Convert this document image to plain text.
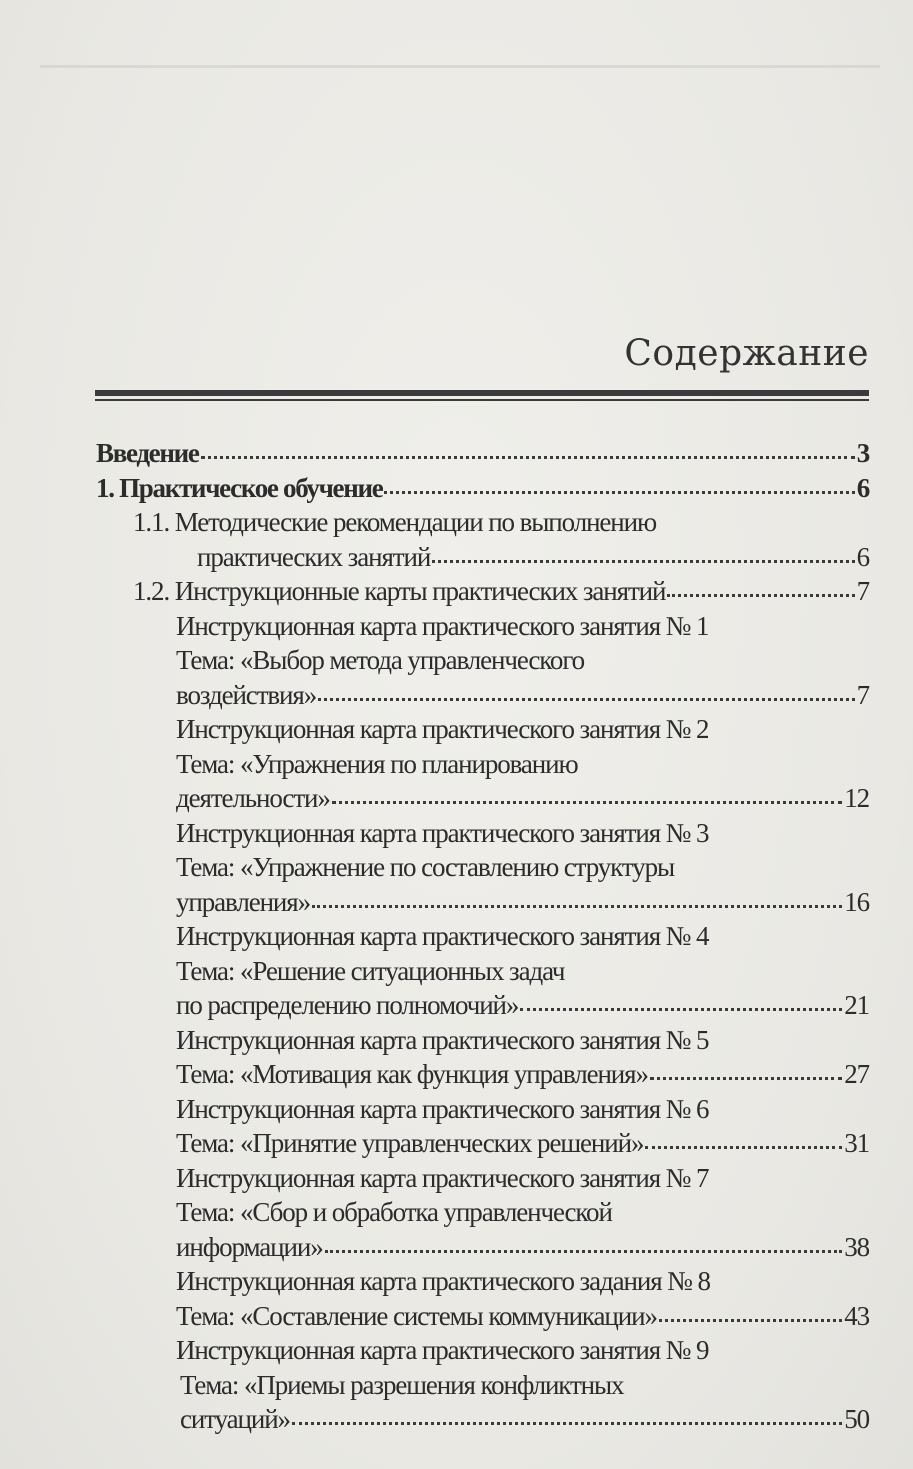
Содержание
Введение	3
1. Практическое обучение	6
1.1. Методические рекомендации по выполнению
практических занятий	6
1.2. Инструкционные карты практических занятий	7
Инструкционная карта практического занятия № 1
Тема: «Выбор метода управленческого
воздействия»	7
Инструкционная карта практического занятия № 2
Тема: «Упражнения по планированию
деятельности»	12
Инструкционная карта практического занятия № 3
Тема: «Упражнение по составлению структуры
управления»	16
Инструкционная карта практического занятия № 4
Тема: «Решение ситуационных задач
по распределению полномочий»	21
Инструкционная карта практического занятия № 5
Тема: «Мотивация как функция управления»	27
Инструкционная карта практического занятия № 6
Тема: «Принятие управленческих решений»	31
Инструкционная карта практического занятия № 7
Тема: «Сбор и обработка управленческой
информации»	38
Инструкционная карта практического задания № 8
Тема: «Составление системы коммуникации»	43
Инструкционная карта практического занятия № 9
Тема: «Приемы разрешения конфликтных
ситуаций»	50
